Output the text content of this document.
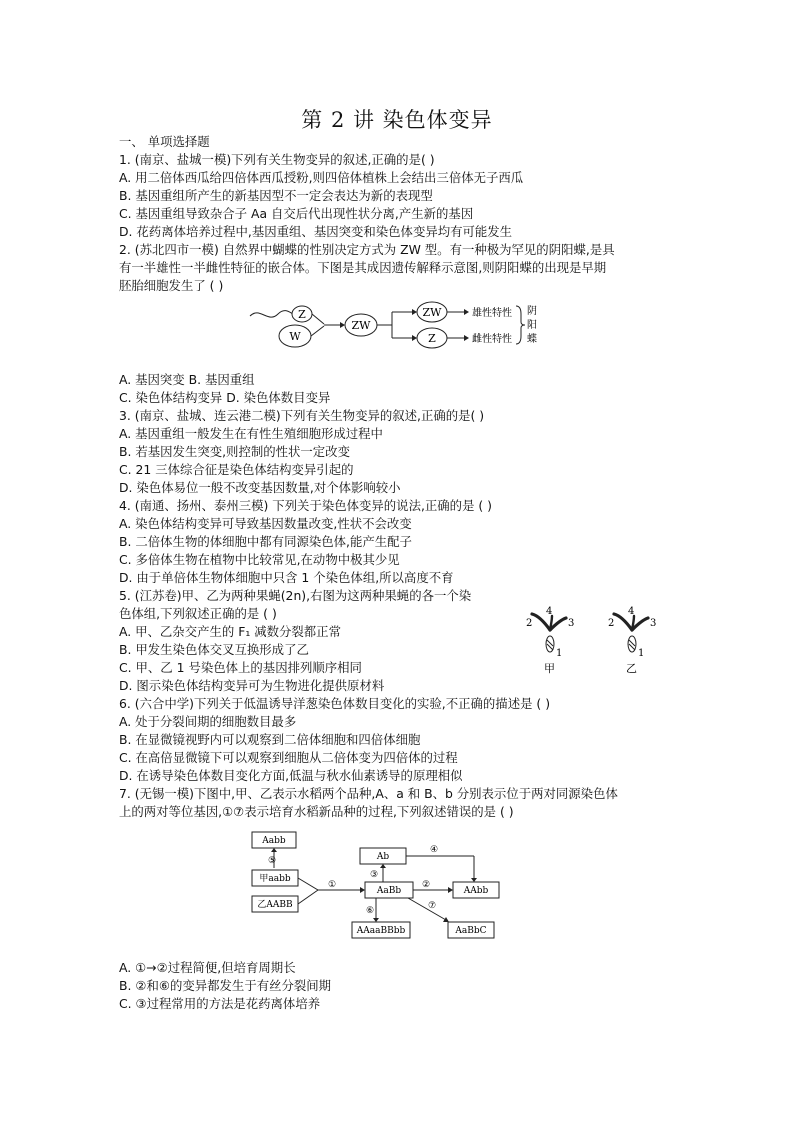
第 2 讲 染色体变异
一、 单项选择题
1. (南京、盐城一模)下列有关生物变异的叙述,正确的是( )
A. 用二倍体西瓜给四倍体西瓜授粉,则四倍体植株上会结出三倍体无子西瓜
B. 基因重组所产生的新基因型不一定会表达为新的表现型
C. 基因重组导致杂合子 Aa 自交后代出现性状分离,产生新的基因
D. 花药离体培养过程中,基因重组、基因突变和染色体变异均有可能发生
2. (苏北四市一模) 自然界中蝴蝶的性别决定方式为 ZW 型。有一种极为罕见的阴阳蝶,是具
有一半雄性一半雌性特征的嵌合体。下图是其成因遗传解释示意图,则阴阳蝶的出现是早期
胚胎细胞发生了 ( )
Z
W
ZW
ZW
Z
雄性特性
雌性特性
阴
阳
蝶
A. 基因突变 B. 基因重组
C. 染色体结构变异 D. 染色体数目变异
3. (南京、盐城、连云港二模)下列有关生物变异的叙述,正确的是( )
A. 基因重组一般发生在有性生殖细胞形成过程中
B. 若基因发生突变,则控制的性状一定改变
C. 21 三体综合征是染色体结构变异引起的
D. 染色体易位一般不改变基因数量,对个体影响较小
4. (南通、扬州、泰州三模) 下列关于染色体变异的说法,正确的是 ( )
A. 染色体结构变异可导致基因数量改变,性状不会改变
B. 二倍体生物的体细胞中都有同源染色体,能产生配子
C. 多倍体生物在植物中比较常见,在动物中极其少见
D. 由于单倍体生物体细胞中只含 1 个染色体组,所以高度不育
5. (江苏卷)甲、乙为两种果蝇(2n),右图为这两种果蝇的各一个染
色体组,下列叙述正确的是 ( )
A. 甲、乙杂交产生的 F₁ 减数分裂都正常
B. 甲发生染色体交叉互换形成了乙
C. 甲、乙 1 号染色体上的基因排列顺序相同
D. 图示染色体结构变异可为生物进化提供原材料
2
4
3
1
甲
2
4
3
1
乙
6. (六合中学)下列关于低温诱导洋葱染色体数目变化的实验,不正确的描述是 ( )
A. 处于分裂间期的细胞数目最多
B. 在显微镜视野内可以观察到二倍体细胞和四倍体细胞
C. 在高倍显微镜下可以观察到细胞从二倍体变为四倍体的过程
D. 在诱导染色体数目变化方面,低温与秋水仙素诱导的原理相似
7. (无锡一模)下图中,甲、乙表示水稻两个品种,A、a 和 B、b 分别表示位于两对同源染色体
上的两对等位基因,①⑦表示培育水稻新品种的过程,下列叙述错误的是 ( )
Aabb
⑤
甲aabb
乙AABB
①
Ab
③
④
AaBb
②
AAbb
⑥	⑦
AAaaBBbb	AaBbC
A. ①→②过程简便,但培育周期长
B. ②和⑥的变异都发生于有丝分裂间期
C. ③过程常用的方法是花药离体培养
